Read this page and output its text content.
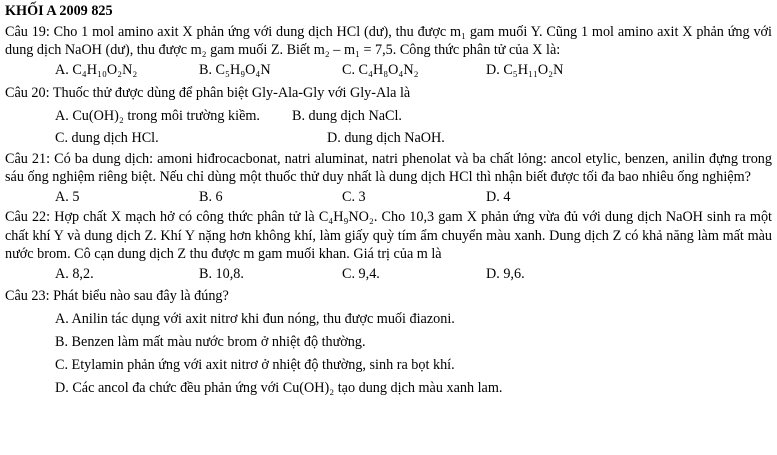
KHỐI A 2009 825
Câu 19: Cho 1 mol amino axit X phản ứng với dung dịch HCl (dư), thu được m₁ gam muối Y. Cũng 1 mol amino axit X phản ứng với dung dịch NaOH (dư), thu được m₂ gam muối Z. Biết m₂ – m₁ = 7,5. Công thức phân tử của X là:
A. C₄H₁₀O₂N₂	B. C₅H₉O₄N	C. C₄H₈O₄N₂	D. C₅H₁₁O₂N
Câu 20: Thuốc thử được dùng để phân biệt Gly-Ala-Gly với Gly-Ala là
A. Cu(OH)₂ trong môi trường kiềm. B. dung dịch NaCl.
C. dung dịch HCl.	D. dung dịch NaOH.
Câu 21: Có ba dung dịch: amoni hiđrocacbonat, natri aluminat, natri phenolat và ba chất lỏng: ancol etylic, benzen, anilin đựng trong sáu ống nghiệm riêng biệt. Nếu chỉ dùng một thuốc thử duy nhất là dung dịch HCl thì nhận biết được tối đa bao nhiêu ống nghiệm?
A. 5	B. 6	C. 3	D. 4
Câu 22: Hợp chất X mạch hở có công thức phân tử là C₄H₉NO₂. Cho 10,3 gam X phản ứng vừa đủ với dung dịch NaOH sinh ra một chất khí Y và dung dịch Z. Khí Y nặng hơn không khí, làm giấy quỳ tím ẩm chuyển màu xanh. Dung dịch Z có khả năng làm mất màu nước brom. Cô cạn dung dịch Z thu được m gam muối khan. Giá trị của m là
A. 8,2.	B. 10,8.	C. 9,4.	D. 9,6.
Câu 23: Phát biểu nào sau đây là đúng?
A. Anilin tác dụng với axit nitrơ khi đun nóng, thu được muối điazoni.
B. Benzen làm mất màu nước brom ở nhiệt độ thường.
C. Etylamin phản ứng với axit nitrơ ở nhiệt độ thường, sinh ra bọt khí.
D. Các ancol đa chức đều phản ứng với Cu(OH)₂ tạo dung dịch màu xanh lam.
